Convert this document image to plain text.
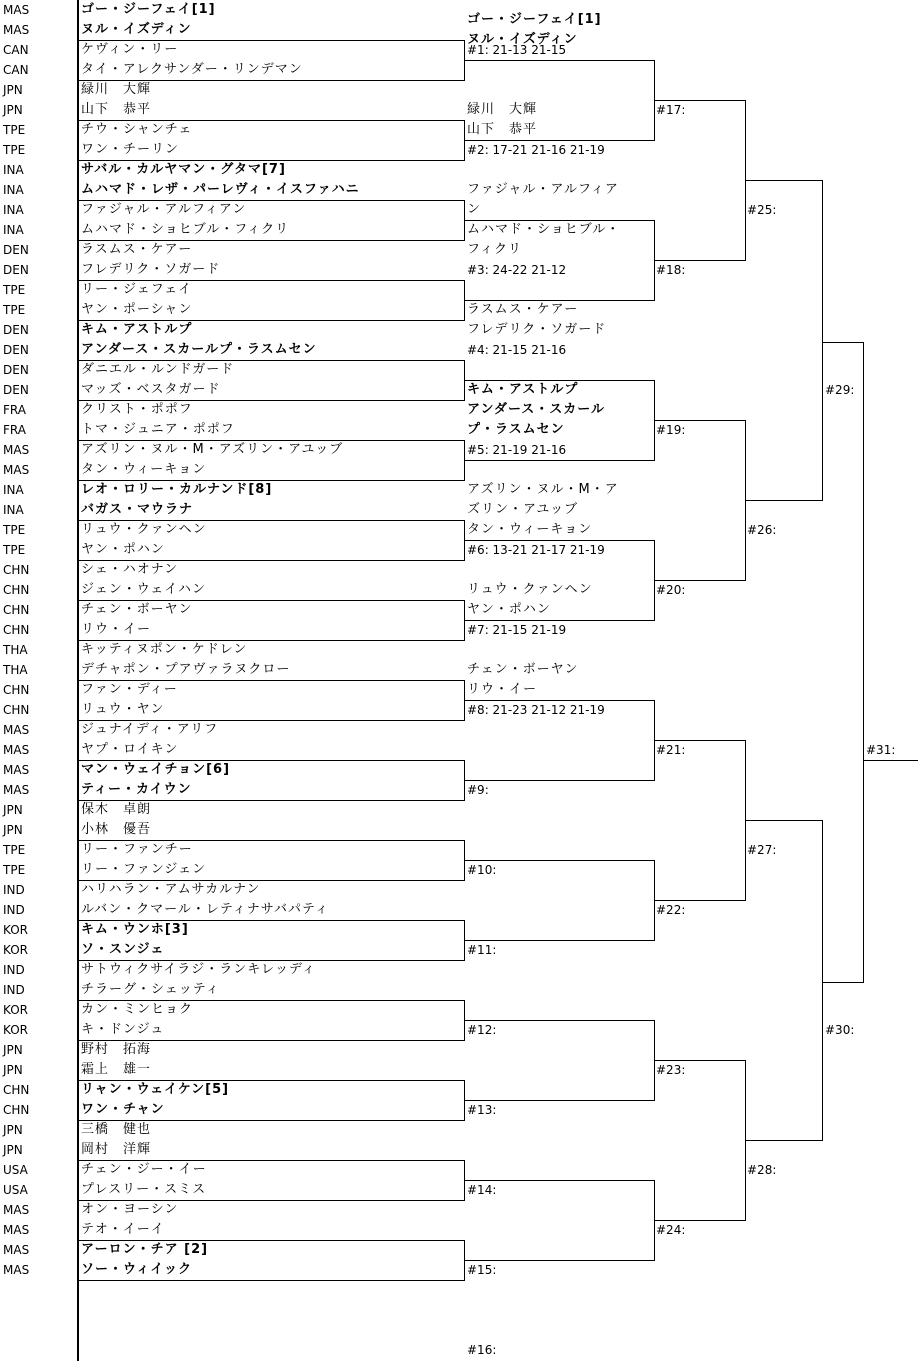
MAS	ゴー・ジーフェイ[1]
MAS	ヌル・イズディン
CAN	ケヴィン・リー
CAN	タイ・アレクサンダー・リンデマン
JPN	緑川　大輝
JPN	山下　恭平
TPE	チウ・シャンチェ
TPE	ワン・チーリン
INA	サバル・カルヤマン・グタマ[7]
INA	ムハマド・レザ・パーレヴィ・イスファハニ
INA	ファジャル・アルフィアン
INA	ムハマド・ショヒブル・フィクリ
DEN	ラスムス・ケアー
DEN	フレデリク・ソガード
TPE	リー・ジェフェイ
TPE	ヤン・ポーシャン
DEN	キム・アストルプ
DEN	アンダース・スカールプ・ラスムセン
DEN	ダニエル・ルンドガード
DEN	マッズ・ベスタガード
FRA	クリスト・ポポフ
FRA	トマ・ジュニア・ポポフ
MAS	アズリン・ヌル・M・アズリン・アユッブ
MAS	タン・ウィーキョン
INA	レオ・ロリー・カルナンド[8]
INA	バガス・マウラナ
TPE	リュウ・クァンヘン
TPE	ヤン・ポハン
CHN	シェ・ハオナン
CHN	ジェン・ウェイハン
CHN	チェン・ボーヤン
CHN	リウ・イー
THA	キッティヌポン・ケドレン
THA	デチャポン・プアヴァラヌクロー
CHN	ファン・ディー
CHN	リュウ・ヤン
MAS	ジュナイディ・アリフ
MAS	ヤプ・ロイキン
MAS	マン・ウェイチョン[6]
MAS	ティー・カイウン
JPN	保木　卓朗
JPN	小林　優吾
TPE	リー・ファンチー
TPE	リー・ファンジェン
IND	ハリハラン・アムサカルナン
IND	ルバン・クマール・レティナサバパティ
KOR	キム・ウンホ[3]
KOR	ソ・スンジェ
IND	サトウィクサイラジ・ランキレッディ
IND	チラーグ・シェッティ
KOR	カン・ミンヒョク
KOR	キ・ドンジュ
JPN	野村　拓海
JPN	霜上　雄一
CHN	リャン・ウェイケン[5]
CHN	ワン・チャン
JPN	三橋　健也
JPN	岡村　洋輝
USA	チェン・ジー・イー
USA	プレスリー・スミス
MAS	オン・ヨーシン
MAS	テオ・イーイ
MAS	アーロン・チア [2]
MAS	ソー・ウィイック
ゴー・ジーフェイ[1]
ヌル・イズディン
#1: 21-13 21-15
緑川　大輝
山下　恭平
#2: 17-21 21-16 21-19
ファジャル・アルフィア
ン
ムハマド・ショヒブル・
フィクリ
#3: 24-22 21-12
ラスムス・ケアー
フレデリク・ソガード
#4: 21-15 21-16
キム・アストルプ
アンダース・スカール
プ・ラスムセン
#5: 21-19 21-16
アズリン・ヌル・M・ア
ズリン・アユッブ
タン・ウィーキョン
#6: 13-21 21-17 21-19
リュウ・クァンヘン
ヤン・ポハン
#7: 21-15 21-19
チェン・ボーヤン
リウ・イー
#8: 21-23 21-12 21-19
#9:
#10:
#11:
#12:
#13:
#14:
#15:
#16:
#17:
#18:
#19:
#20:
#21:
#22:
#23:
#24:
#25:
#26:
#27:
#28:
#29:
#30:
#31:
